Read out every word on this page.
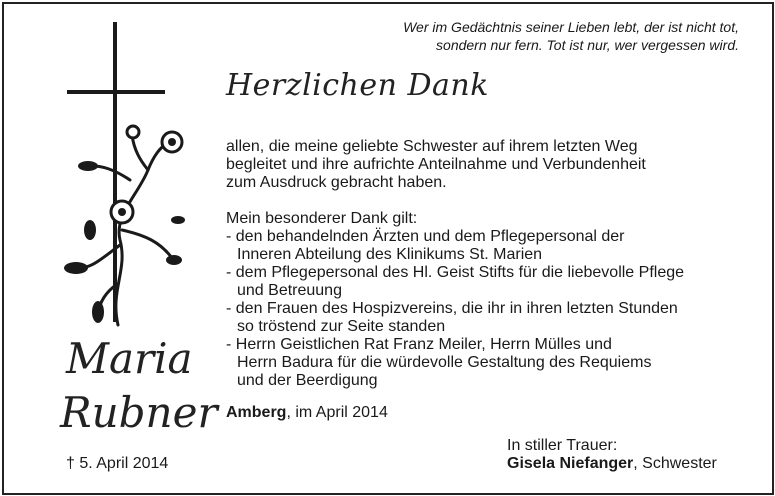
Wer im Gedächtnis seiner Lieben lebt, der ist nicht tot,
sondern nur fern. Tot ist nur, wer vergessen wird.
Herzlichen Dank
allen, die meine geliebte Schwester auf ihrem letzten Weg
begleitet und ihre aufrichte Anteilnahme und Verbundenheit
zum Ausdruck gebracht haben.
Mein besonderer Dank gilt:
- den behandelnden Ärzten und dem Pflegepersonal der
Inneren Abteilung des Klinikums St. Marien
- dem Pflegepersonal des Hl. Geist Stifts für die liebevolle Pflege
und Betreuung
- den Frauen des Hospizvereins, die ihr in ihren letzten Stunden
so tröstend zur Seite standen
- Herrn Geistlichen Rat Franz Meiler, Herrn Mülles und
Herrn Badura für die würdevolle Gestaltung des Requiems
und der Beerdigung
Amberg, im April 2014
In stiller Trauer:
Gisela Niefanger, Schwester
Maria
Rubner
† 5. April 2014
